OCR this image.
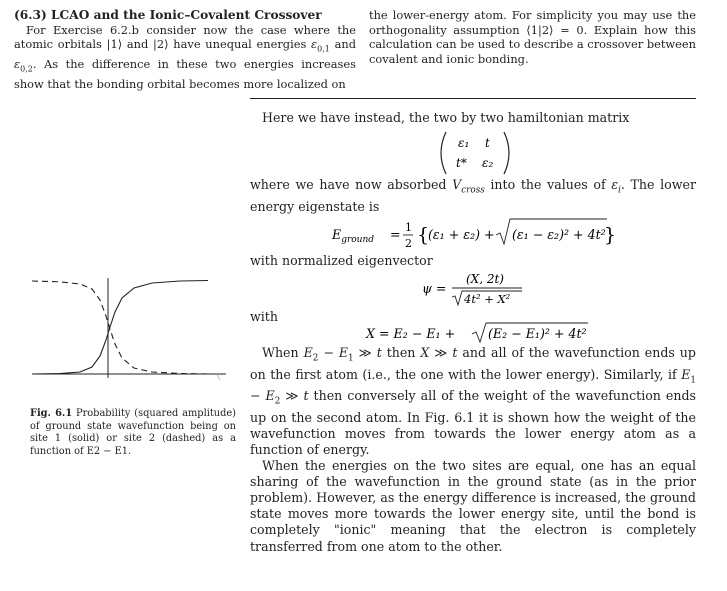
(6.3) LCAO and the Ionic–Covalent Crossover

For Exercise 6.2.b consider now the case where the atomic orbitals |1⟩ and |2⟩ have unequal energies $\varepsilon_{0,1}$ and $\varepsilon_{0,2}$. As the difference in these two energies increases show that the bonding orbital becomes more localized on

the lower-energy atom. For simplicity you may use the orthogonality assumption ⟨1|2⟩ = 0. Explain how this calculation can be used to describe a crossover between covalent and ionic bonding.

Here we have instead, the two by two hamiltonian matrix

ε₁ t
t* ε₂

where we have now absorbed $V_{cross}$ into the values of $\varepsilon_i$. The lower energy eigenstate is

$E_{ground} = 1$
2 {
(ε₁ + ε₂) + (ε₁ − ε₂)² + 4t²
}

with normalized eigenvector

ψ =
(X, 2t)
4t² + X²

with

X = E₂ − E₁ +	(E₂ − E₁)² + 4t²

When $E_2 - E_1$ ≫ t then X ≫ t and all of the wavefunction ends up on the first atom (i.e., the one with the lower energy). Similarly, if $E_1 - E_2$ ≫ t then conversely all of the weight of the wavefunction ends up on the second atom. In Fig. 6.1 it is shown how the weight of the wavefunction moves from towards the lower energy atom as a function of energy.

When the energies on the two sites are equal, one has an equal sharing of the wavefunction in the ground state (as in the prior problem). However, as the energy difference is increased, the ground state moves more towards the lower energy site, until the bond is completely "ionic" meaning that the electron is completely transferred from one atom to the other.

Fig. 6.1 Probability (squared amplitude) of ground state wavefunction being on site 1 (solid) or site 2 (dashed) as a function of E2 − E1.
